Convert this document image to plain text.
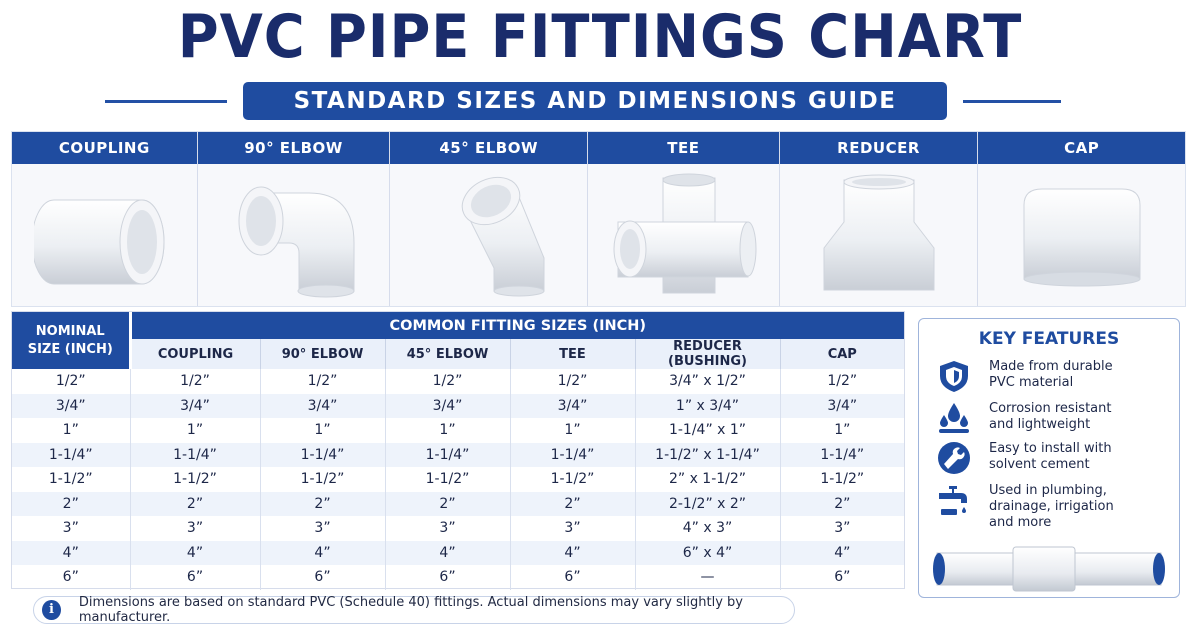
PVC PIPE FITTINGS CHART
STANDARD SIZES AND DIMENSIONS GUIDE
COUPLING	90° ELBOW	45° ELBOW	TEE	REDUCER	CAP
NOMINAL
SIZE (INCH)	COMMON FITTING SIZES (INCH)					
	COUPLING	90° ELBOW	45° ELBOW	TEE	REDUCER (BUSHING)	CAP
1/2”	1/2”	1/2”	1/2”	1/2”	3/4” x 1/2”	1/2”
3/4”	3/4”	3/4”	3/4”	3/4”	1” x 3/4”	3/4”
1”	1”	1”	1”	1”	1-1/4” x 1”	1”
1-1/4”	1-1/4”	1-1/4”	1-1/4”	1-1/4”	1-1/2” x 1-1/4”	1-1/4”
1-1/2”	1-1/2”	1-1/2”	1-1/2”	1-1/2”	2” x 1-1/2”	1-1/2”
2”	2”	2”	2”	2”	2-1/2” x 2”	2”
3”	3”	3”	3”	3”	4” x 3”	3”
4”	4”	4”	4”	4”	6” x 4”	4”
6”	6”	6”	6”	6”	—	6”
i	Dimensions are based on standard PVC (Schedule 40) fittings. Actual dimensions may vary slightly by manufacturer.
KEY FEATURES
Made from durable PVC material
Corrosion resistant and lightweight
Easy to install with solvent cement
Used in plumbing, drainage, irrigation and more
